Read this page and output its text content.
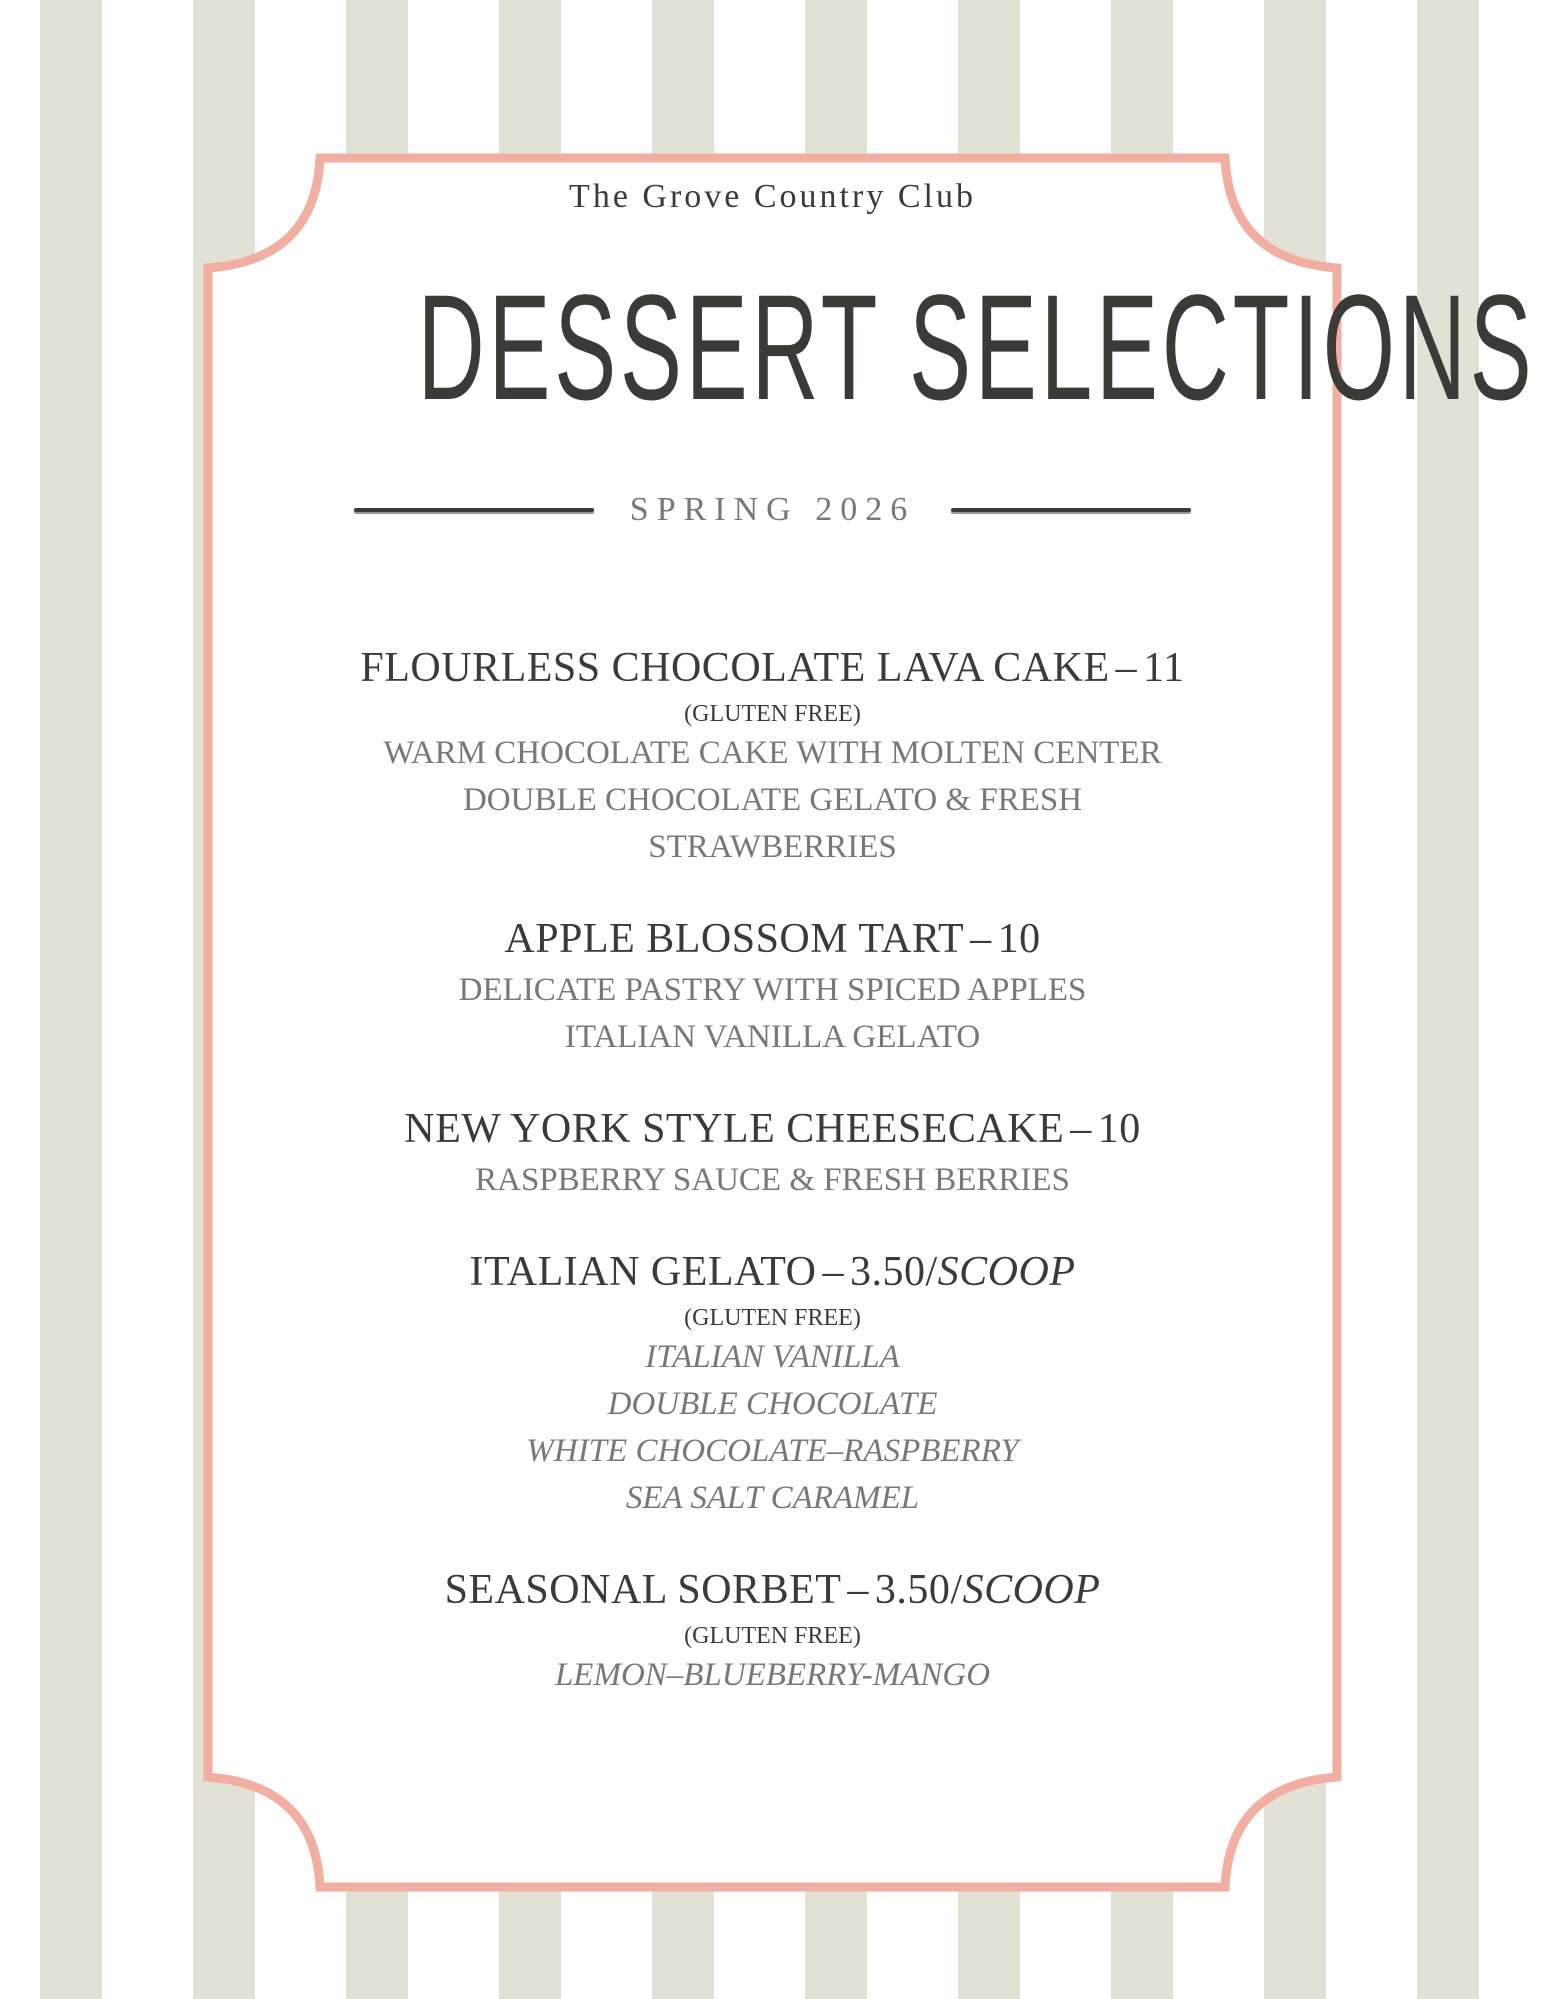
The Grove Country Club
DESSERT SELECTIONS
SPRING 2026
FLOURLESS CHOCOLATE LAVA CAKE – 11
(GLUTEN FREE)
WARM CHOCOLATE CAKE WITH MOLTEN CENTER
DOUBLE CHOCOLATE GELATO & FRESH
STRAWBERRIES
APPLE BLOSSOM TART – 10
DELICATE PASTRY WITH SPICED APPLES
ITALIAN VANILLA GELATO
NEW YORK STYLE CHEESECAKE – 10
RASPBERRY SAUCE & FRESH BERRIES
ITALIAN GELATO – 3.50/SCOOP
(GLUTEN FREE)
ITALIAN VANILLA
DOUBLE CHOCOLATE
WHITE CHOCOLATE–RASPBERRY
SEA SALT CARAMEL
SEASONAL SORBET – 3.50/SCOOP
(GLUTEN FREE)
LEMON–BLUEBERRY-MANGO
